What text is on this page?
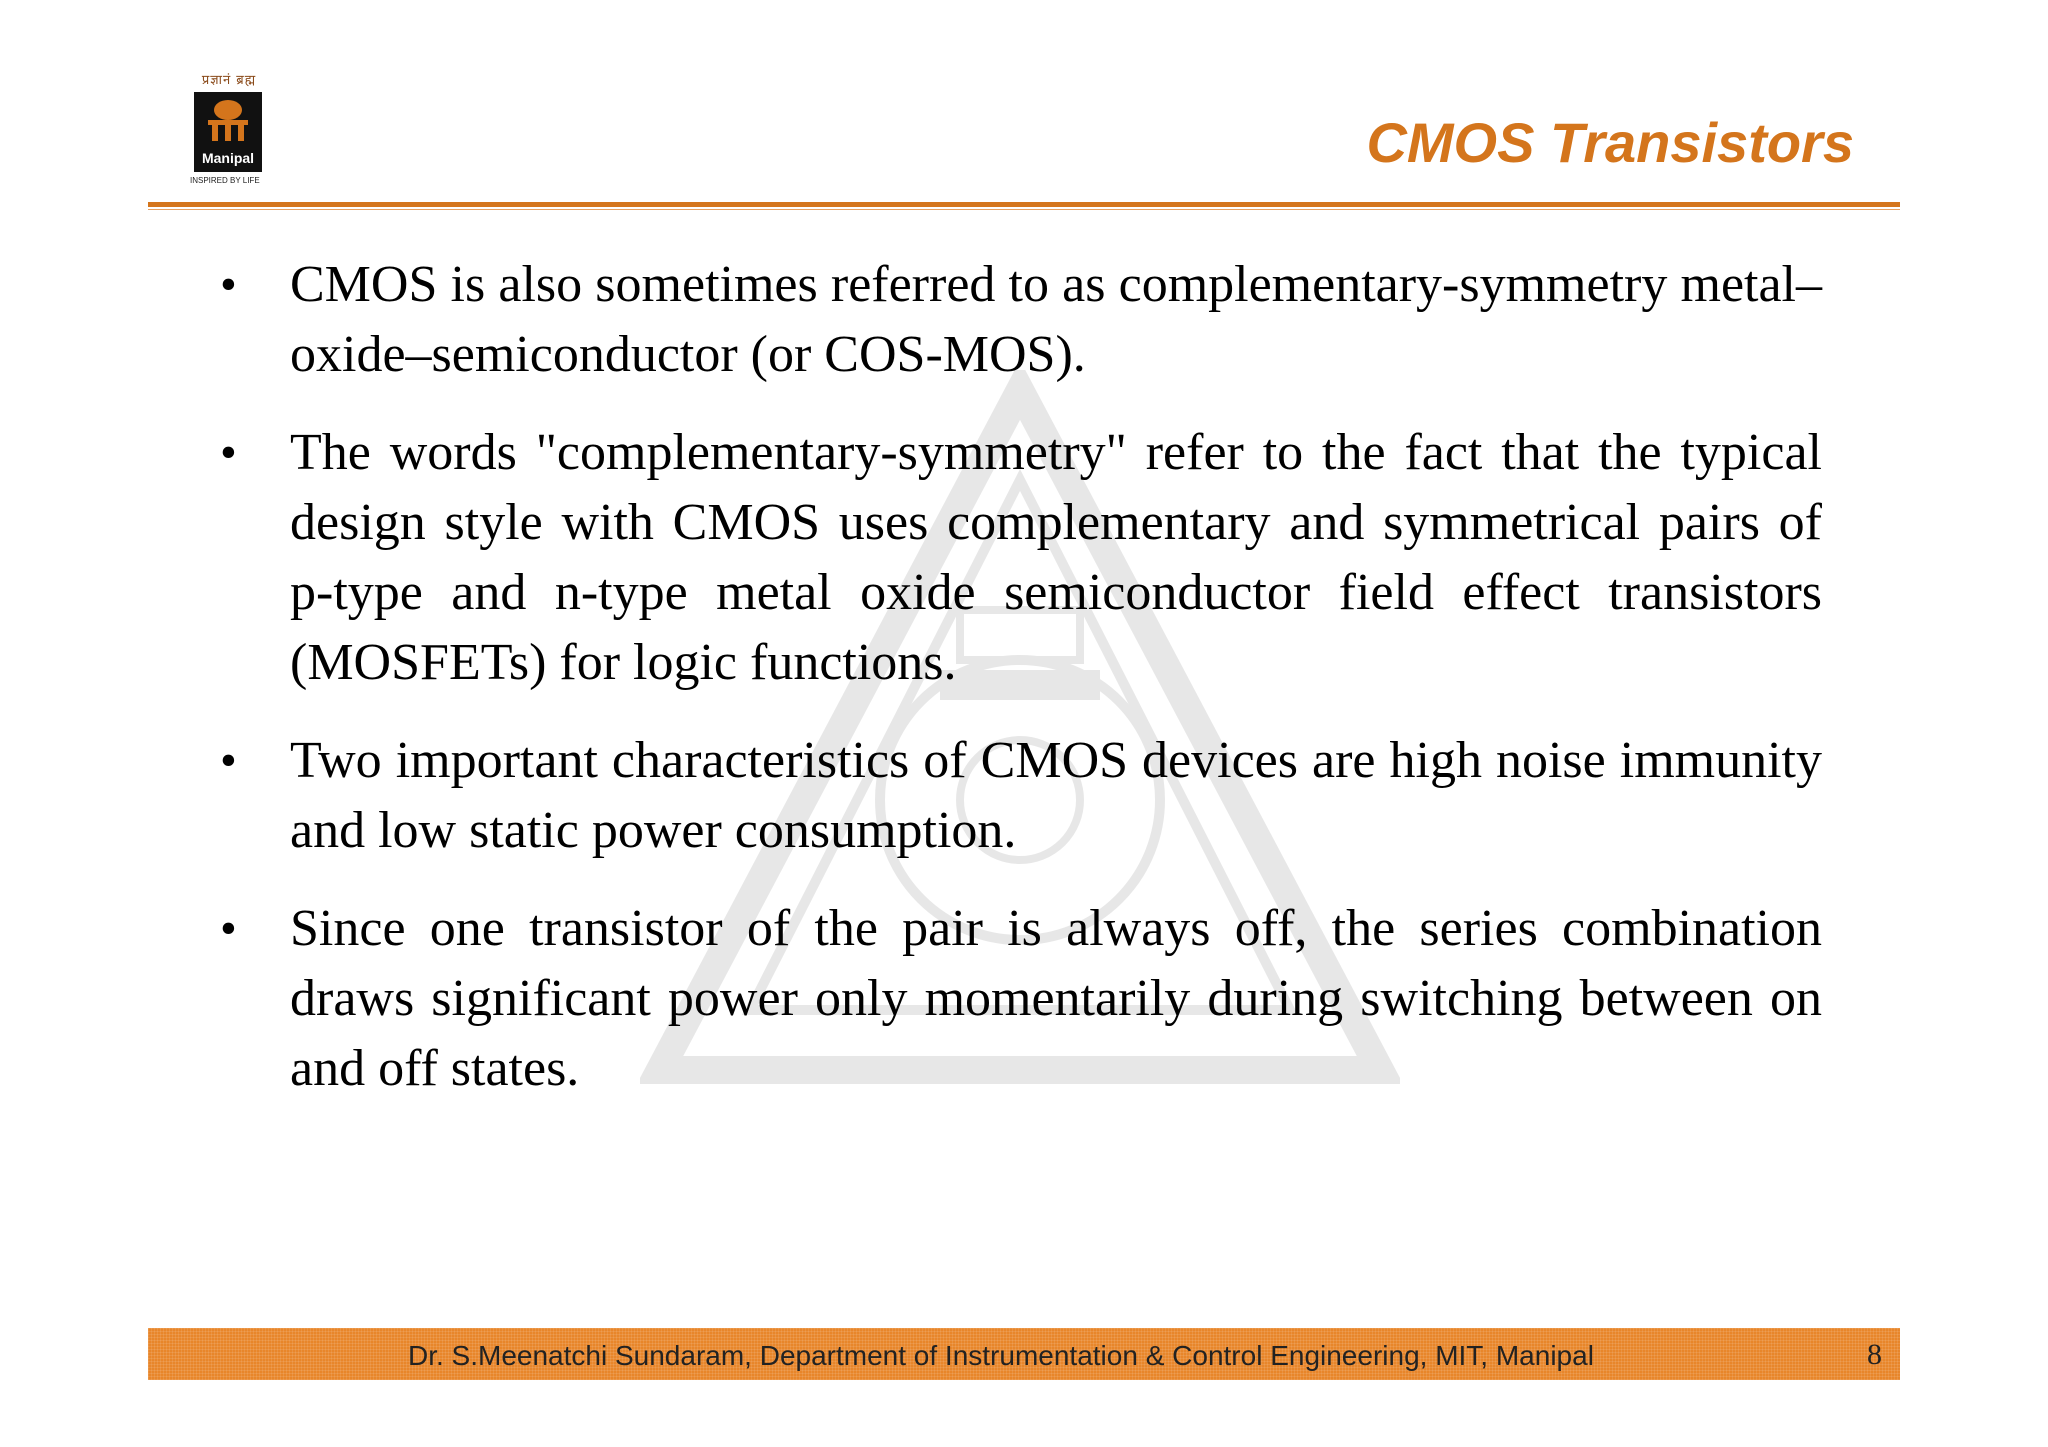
प्रज्ञानं ब्रह्म
Manipal
INSPIRED BY LIFE
CMOS Transistors
• CMOS is also sometimes referred to as complementary-symmetry metal–oxide–semiconductor (or COS-MOS).
• The words "complementary-symmetry" refer to the fact that the typical design style with CMOS uses complementary and symmetrical pairs of p-type and n-type metal oxide semiconductor field effect transistors (MOSFETs) for logic functions.
• Two important characteristics of CMOS devices are high noise immunity and low static power consumption.
• Since one transistor of the pair is always off, the series combination draws significant power only momentarily during switching between on and off states.
Dr. S.Meenatchi Sundaram, Department of Instrumentation & Control Engineering, MIT, Manipal	8
